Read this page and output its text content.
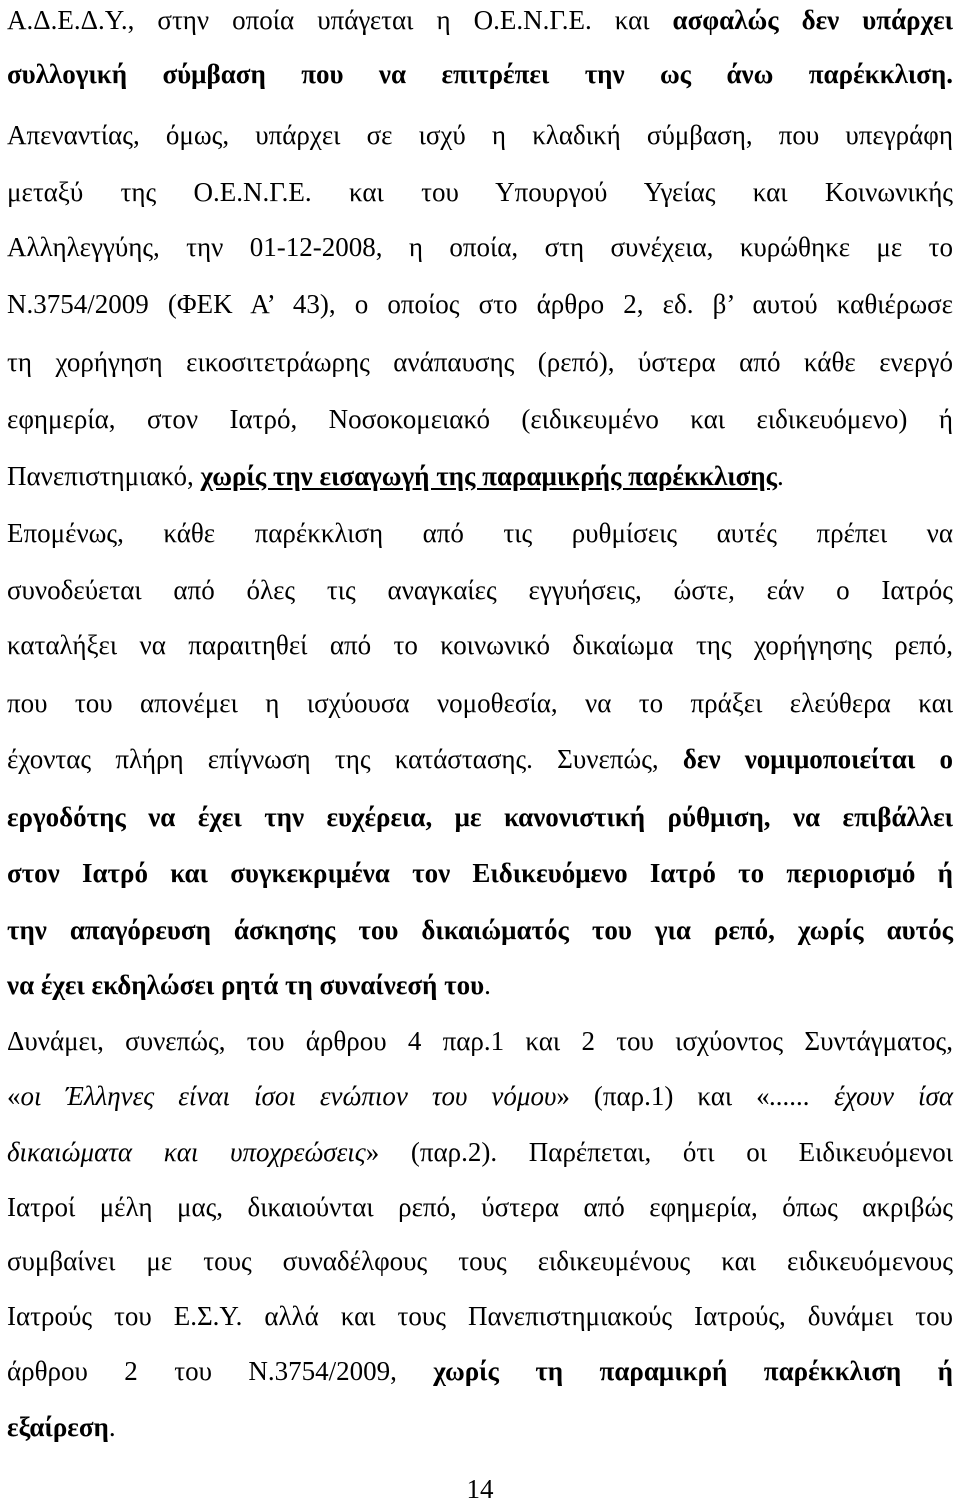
Α.Δ.Ε.Δ.Υ., στην οποία υπάγεται η Ο.Ε.Ν.Γ.Ε. και ασφαλώς δεν υπάρχει
συλλογική σύμβαση που να επιτρέπει την ως άνω παρέκκλιση.
Απεναντίας, όμως, υπάρχει σε ισχύ η κλαδική σύμβαση, που υπεγράφη
μεταξύ της Ο.Ε.Ν.Γ.Ε. και του Υπουργού Υγείας και Κοινωνικής
Αλληλεγγύης, την 01-12-2008, η οποία, στη συνέχεια, κυρώθηκε με το
Ν.3754/2009 (ΦΕΚ Α’ 43), ο οποίος στο άρθρο 2, εδ. β’ αυτού καθιέρωσε
τη χορήγηση εικοσιτετράωρης ανάπαυσης (ρεπό), ύστερα από κάθε ενεργό
εφημερία, στον Ιατρό, Νοσοκομειακό (ειδικευμένο και ειδικευόμενο) ή
Πανεπιστημιακό, χωρίς την εισαγωγή της παραμικρής παρέκκλισης.
Επομένως, κάθε παρέκκλιση από τις ρυθμίσεις αυτές πρέπει να
συνοδεύεται από όλες τις αναγκαίες εγγυήσεις, ώστε, εάν ο Ιατρός
καταλήξει να παραιτηθεί από το κοινωνικό δικαίωμα της χορήγησης ρεπό,
που του απονέμει η ισχύουσα νομοθεσία, να το πράξει ελεύθερα και
έχοντας πλήρη επίγνωση της κατάστασης. Συνεπώς, δεν νομιμοποιείται ο
εργοδότης να έχει την ευχέρεια, με κανονιστική ρύθμιση, να επιβάλλει
στον Ιατρό και συγκεκριμένα τον Ειδικευόμενο Ιατρό το περιορισμό ή
την απαγόρευση άσκησης του δικαιώματός του για ρεπό, χωρίς αυτός
να έχει εκδηλώσει ρητά τη συναίνεσή του.
Δυνάμει, συνεπώς, του άρθρου 4 παρ.1 και 2 του ισχύοντος Συντάγματος,
«οι Έλληνες είναι ίσοι ενώπιον του νόμου» (παρ.1) και «...... έχουν ίσα
δικαιώματα και υποχρεώσεις» (παρ.2). Παρέπεται, ότι οι Ειδικευόμενοι
Ιατροί μέλη μας, δικαιούνται ρεπό, ύστερα από εφημερία, όπως ακριβώς
συμβαίνει με τους συναδέλφους τους ειδικευμένους και ειδικευόμενους
Ιατρούς του Ε.Σ.Υ. αλλά και τους Πανεπιστημιακούς Ιατρούς, δυνάμει του
άρθρου 2 του Ν.3754/2009, χωρίς τη παραμικρή παρέκκλιση ή
εξαίρεση.
14
